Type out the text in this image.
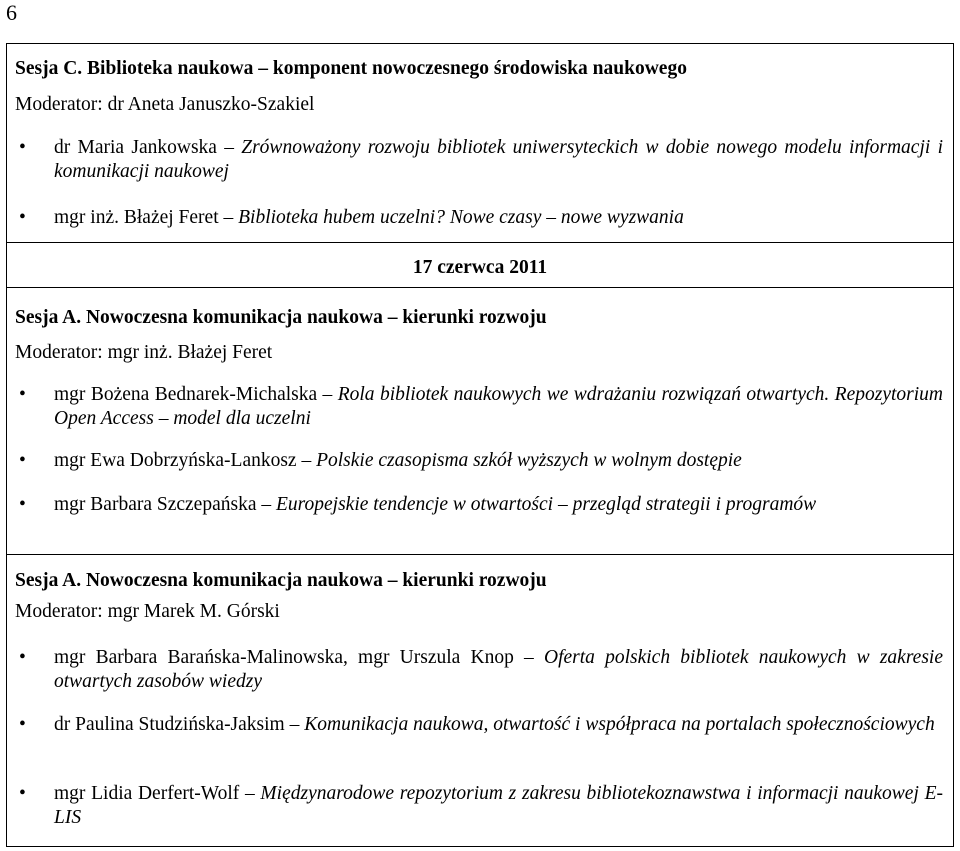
6
Sesja C. Biblioteka naukowa – komponent nowoczesnego środowiska naukowego
Moderator: dr Aneta Januszko-Szakiel
• dr Maria Jankowska – Zrównoważony rozwoju bibliotek uniwersyteckich w dobie nowego modelu informacji i komunikacji naukowej
• mgr inż. Błażej Feret – Biblioteka hubem uczelni? Nowe czasy – nowe wyzwania
17 czerwca 2011
Sesja A. Nowoczesna komunikacja naukowa – kierunki rozwoju
Moderator: mgr inż. Błażej Feret
• mgr Bożena Bednarek-Michalska – Rola bibliotek naukowych we wdrażaniu rozwiązań otwartych. Repozytorium Open Access – model dla uczelni
• mgr Ewa Dobrzyńska-Lankosz – Polskie czasopisma szkół wyższych w wolnym dostępie
• mgr Barbara Szczepańska – Europejskie tendencje w otwartości – przegląd strategii i programów
Sesja A. Nowoczesna komunikacja naukowa – kierunki rozwoju
Moderator: mgr Marek M. Górski
• mgr Barbara Barańska-Malinowska, mgr Urszula Knop – Oferta polskich bibliotek naukowych w zakresie otwartych zasobów wiedzy
• dr Paulina Studzińska-Jaksim – Komunikacja naukowa, otwartość i współpraca na portalach społecznościowych
• mgr Lidia Derfert-Wolf – Międzynarodowe repozytorium z zakresu bibliotekoznawstwa i informacji naukowej E-LIS
